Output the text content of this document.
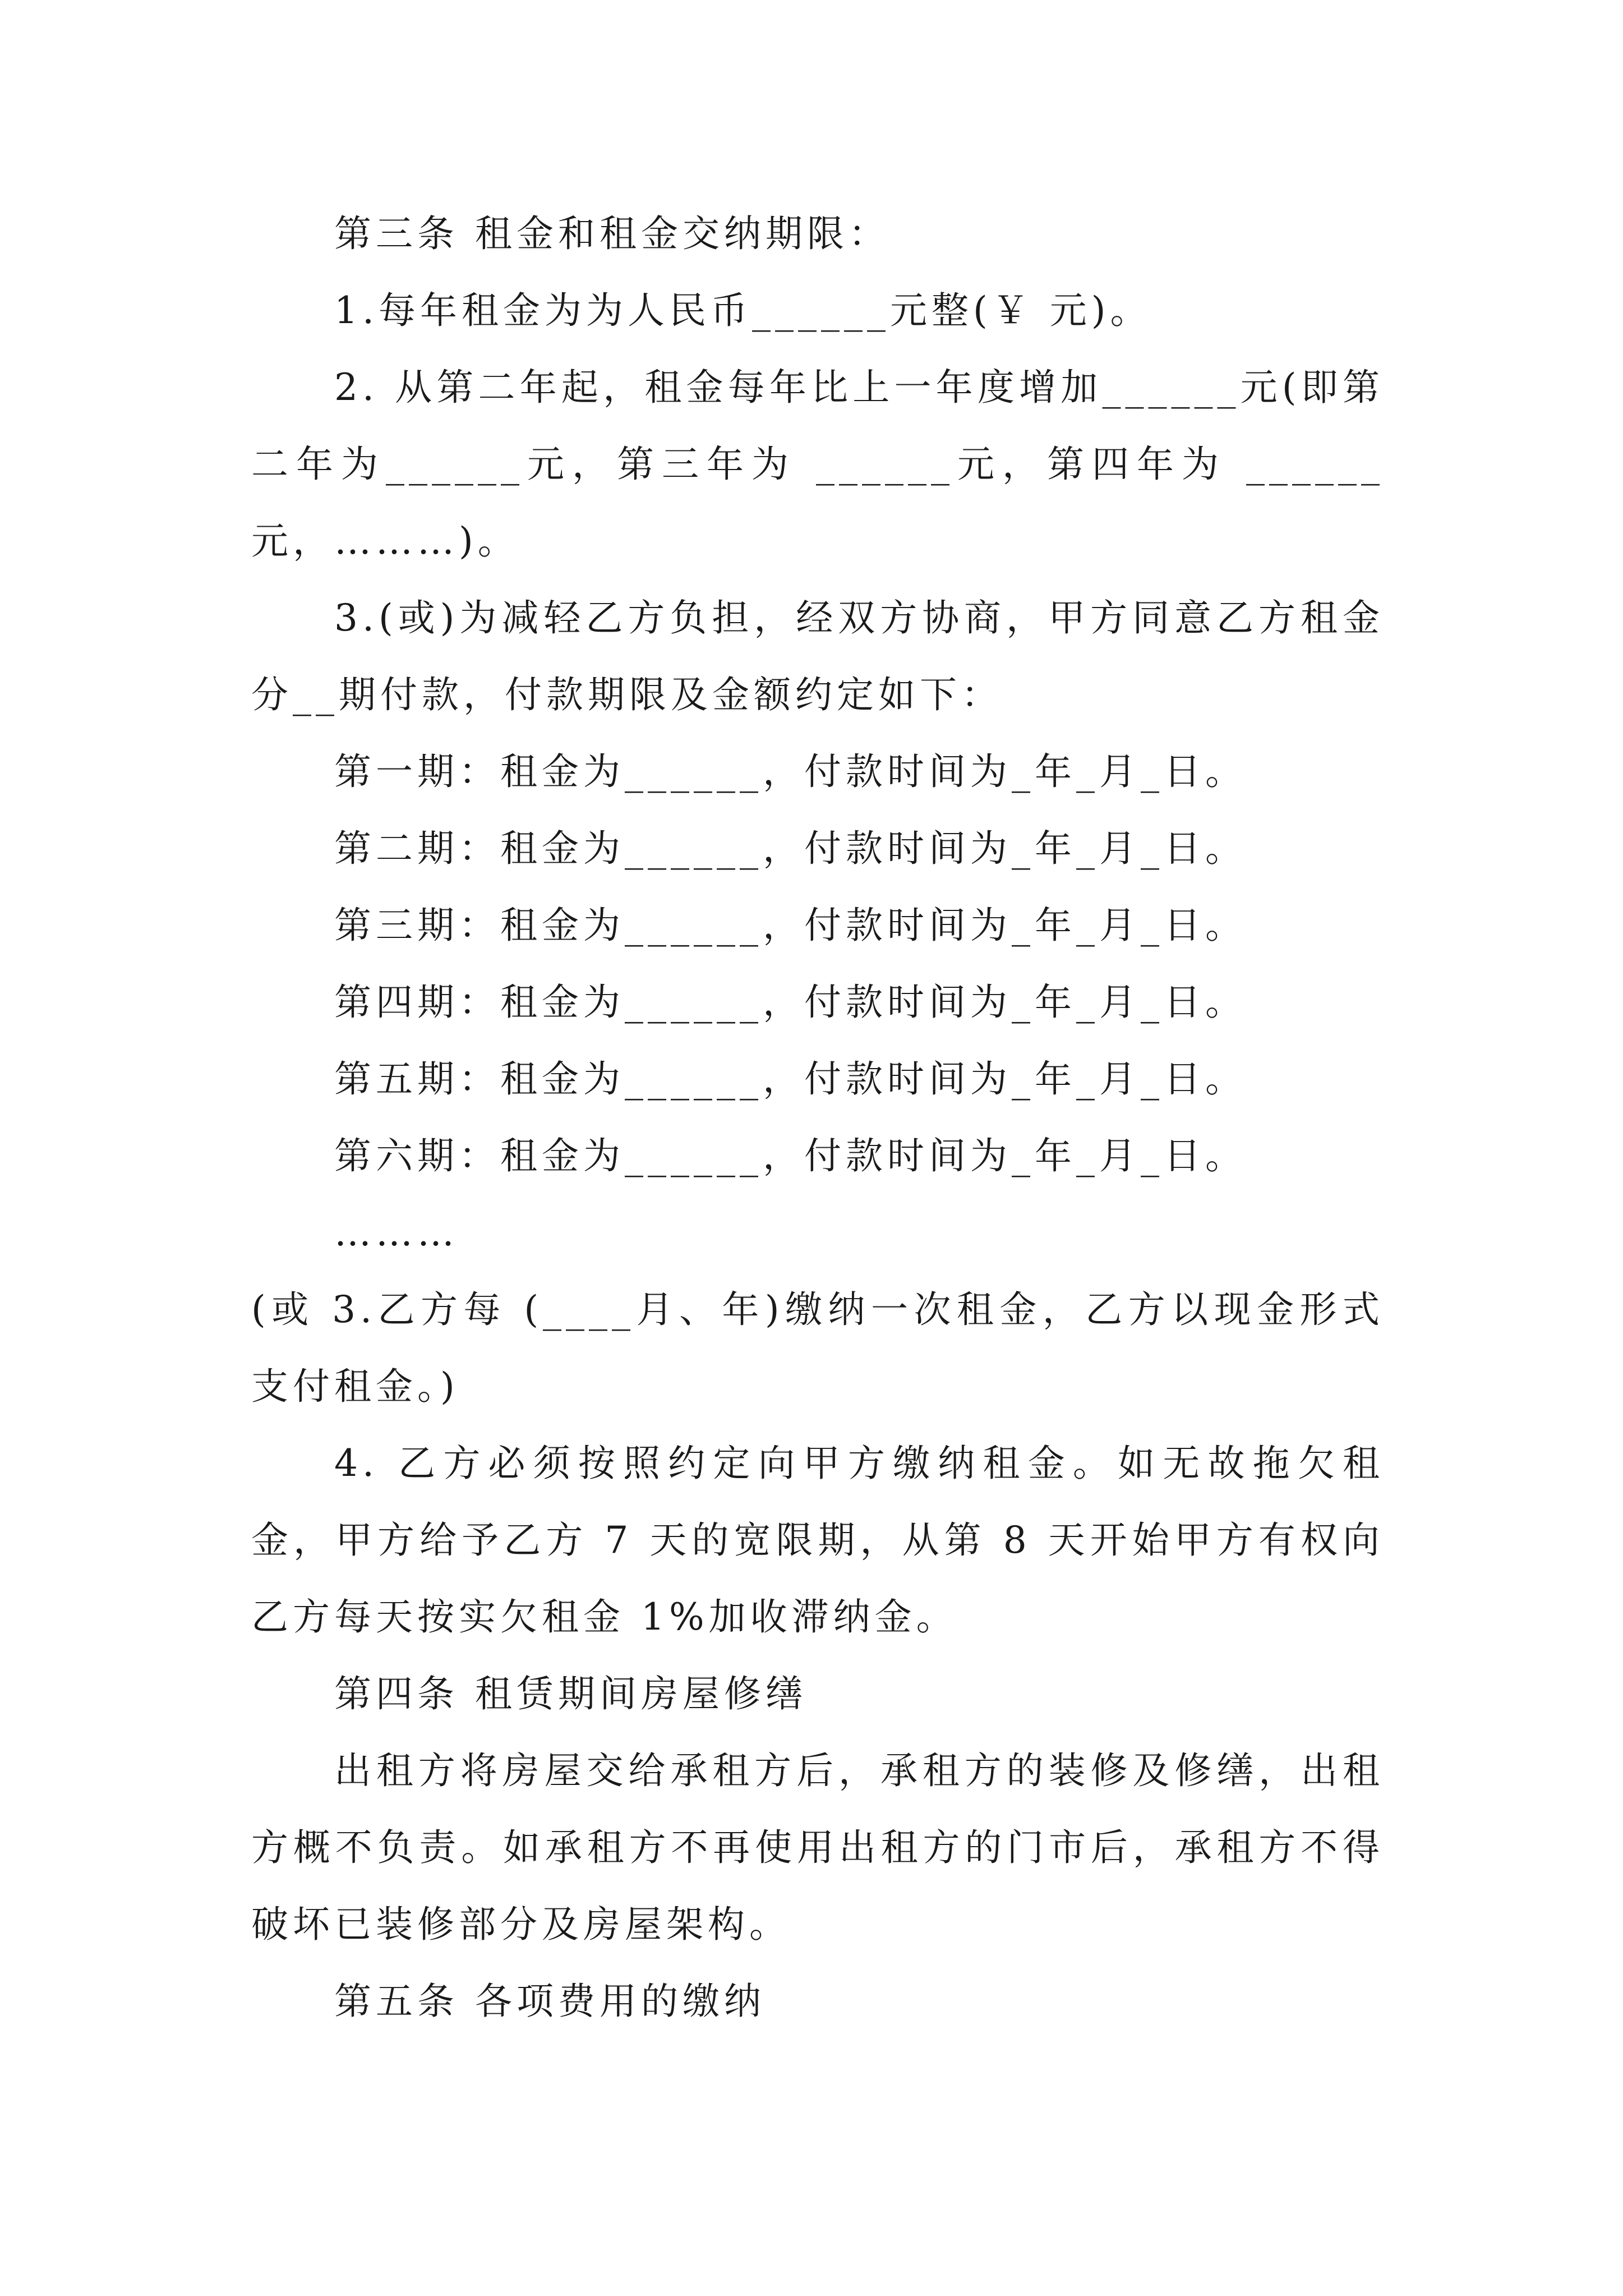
第三条 租金和租金交纳期限：

1.每年租金为为人民币______元整(￥ 元)。

2. 从第二年起，租金每年比上一年度增加______元(即第二年为______元，第三年为 ______元，第四年为 ______元，………)。

3.(或)为减轻乙方负担，经双方协商，甲方同意乙方租金分__期付款，付款期限及金额约定如下：

第一期：租金为______，付款时间为_年_月_日。

第二期：租金为______，付款时间为_年_月_日。

第三期：租金为______，付款时间为_年_月_日。

第四期：租金为______，付款时间为_年_月_日。

第五期：租金为______，付款时间为_年_月_日。

第六期：租金为______，付款时间为_年_月_日。

………

(或 3.乙方每 (____月、年)缴纳一次租金，乙方以现金形式支付租金。)

4. 乙方必须按照约定向甲方缴纳租金。如无故拖欠租金，甲方给予乙方 7 天的宽限期，从第 8 天开始甲方有权向乙方每天按实欠租金 1%加收滞纳金。

第四条 租赁期间房屋修缮

出租方将房屋交给承租方后，承租方的装修及修缮，出租方概不负责。如承租方不再使用出租方的门市后，承租方不得破坏已装修部分及房屋架构。

第五条 各项费用的缴纳
